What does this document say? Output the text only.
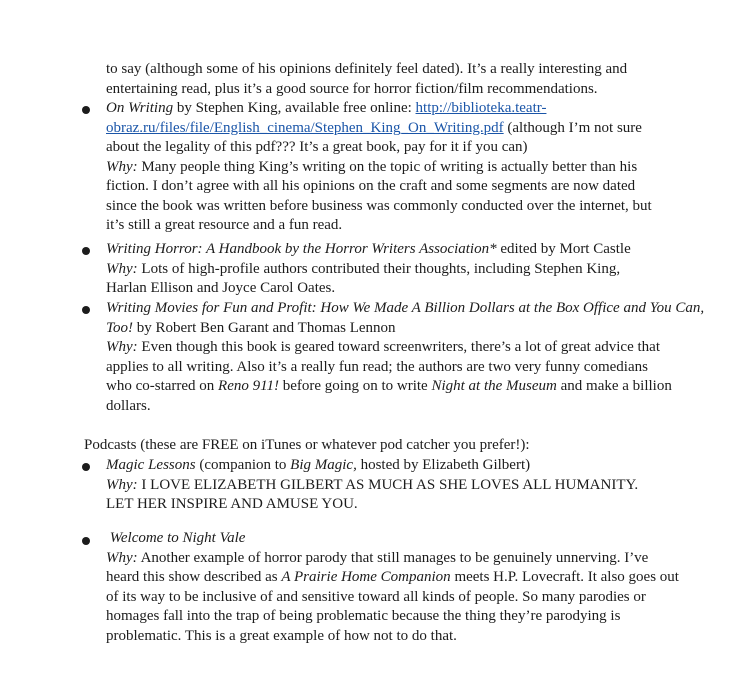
to say (although some of his opinions definitely feel dated). It’s a really interesting and
entertaining read, plus it’s a good source for horror fiction/film recommendations.
On Writing by Stephen King, available free online: http://biblioteka.teatr-
obraz.ru/files/file/English_cinema/Stephen_King_On_Writing.pdf (although I’m not sure
about the legality of this pdf??? It’s a great book, pay for it if you can)
Why: Many people thing King’s writing on the topic of writing is actually better than his
fiction. I don’t agree with all his opinions on the craft and some segments are now dated
since the book was written before business was commonly conducted over the internet, but
it’s still a great resource and a fun read.
Writing Horror: A Handbook by the Horror Writers Association* edited by Mort Castle
Why: Lots of high-profile authors contributed their thoughts, including Stephen King,
Harlan Ellison and Joyce Carol Oates.
Writing Movies for Fun and Profit: How We Made A Billion Dollars at the Box Office and You Can,
Too! by Robert Ben Garant and Thomas Lennon
Why: Even though this book is geared toward screenwriters, there’s a lot of great advice that
applies to all writing. Also it’s a really fun read; the authors are two very funny comedians
who co-starred on Reno 911! before going on to write Night at the Museum and make a billion
dollars.
Podcasts (these are FREE on iTunes or whatever pod catcher you prefer!):
Magic Lessons (companion to Big Magic, hosted by Elizabeth Gilbert)
Why: I LOVE ELIZABETH GILBERT AS MUCH AS SHE LOVES ALL HUMANITY.
LET HER INSPIRE AND AMUSE YOU.
Welcome to Night Vale
Why: Another example of horror parody that still manages to be genuinely unnerving. I’ve
heard this show described as A Prairie Home Companion meets H.P. Lovecraft. It also goes out
of its way to be inclusive of and sensitive toward all kinds of people. So many parodies or
homages fall into the trap of being problematic because the thing they’re parodying is
problematic. This is a great example of how not to do that.
